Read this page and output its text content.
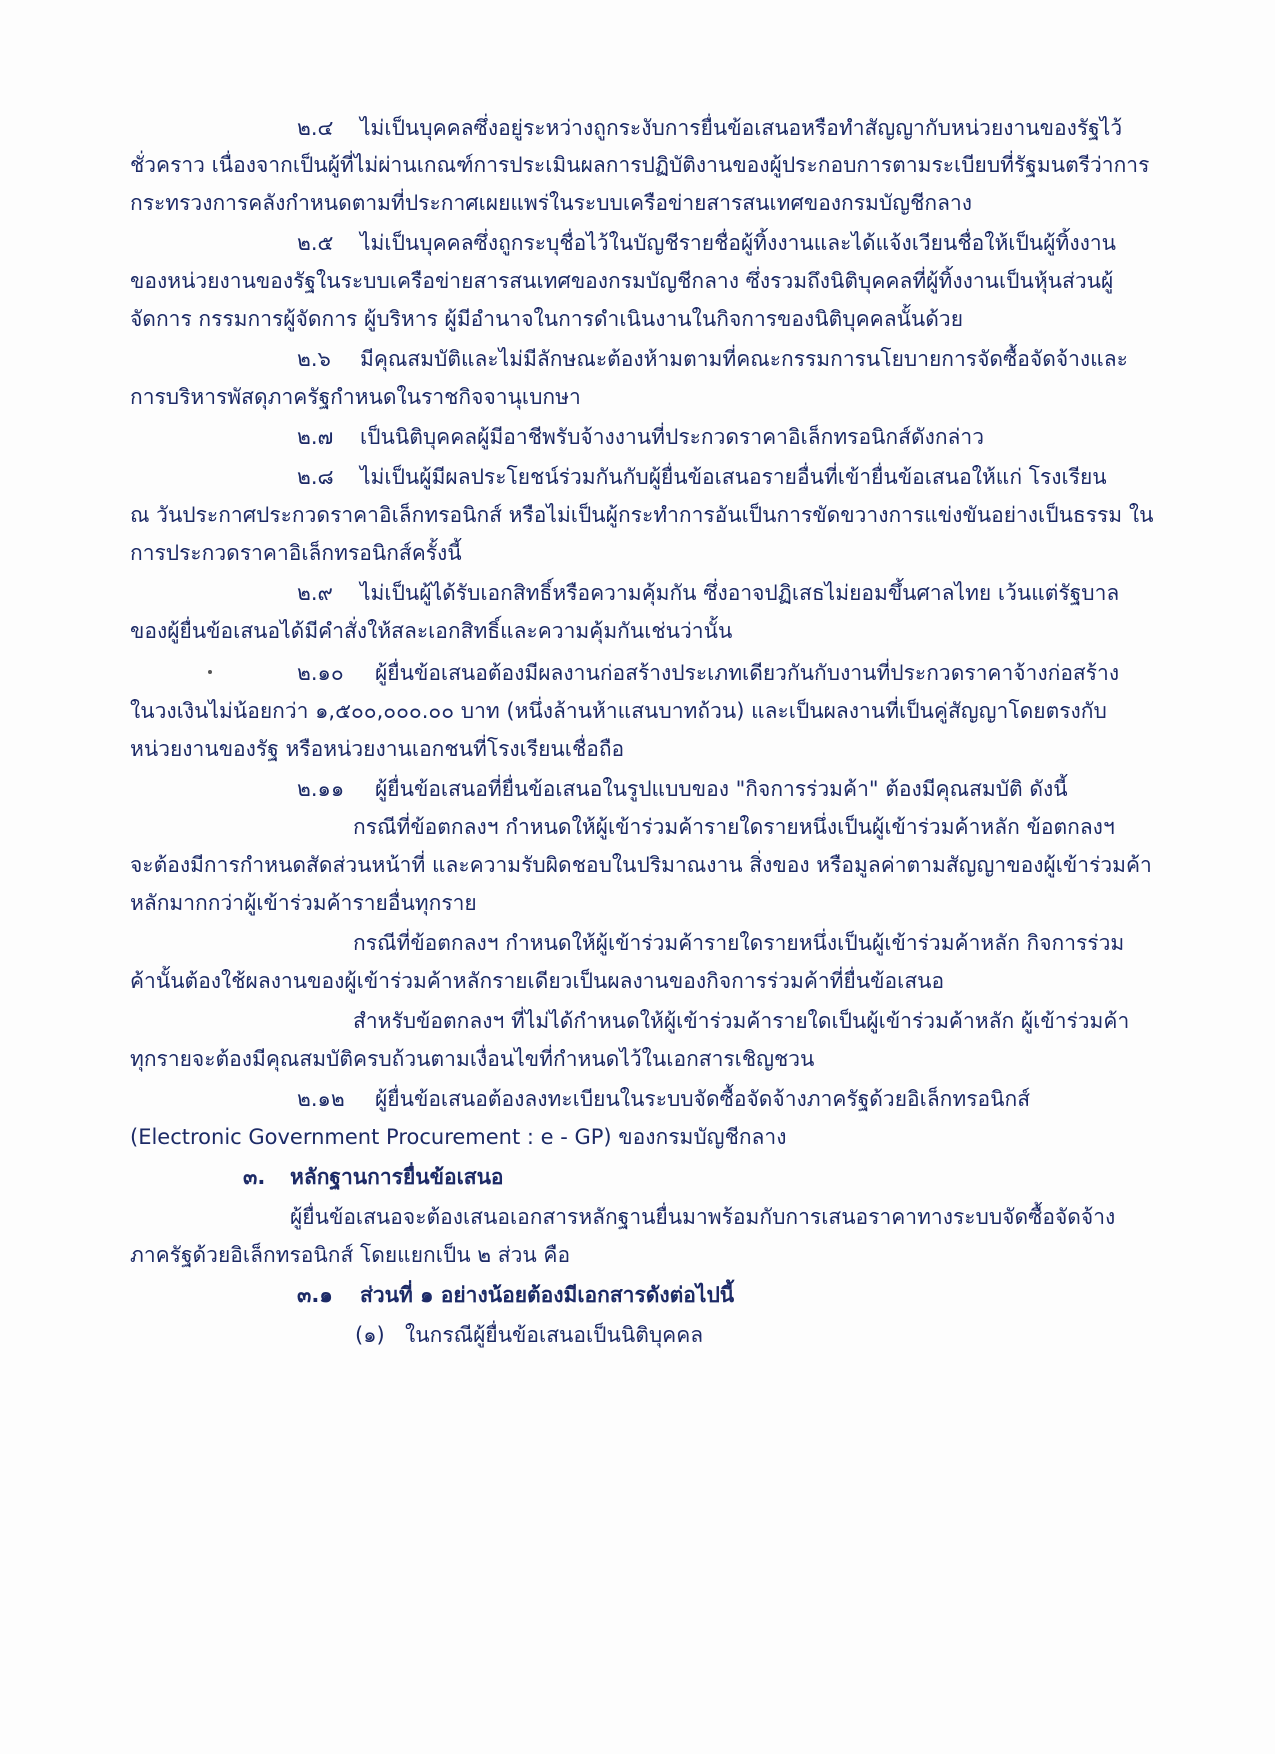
๒.๔ ไม่เป็นบุคคลซึ่งอยู่ระหว่างถูกระงับการยื่นข้อเสนอหรือทำสัญญากับหน่วยงานของรัฐไว้
ชั่วคราว เนื่องจากเป็นผู้ที่ไม่ผ่านเกณฑ์การประเมินผลการปฏิบัติงานของผู้ประกอบการตามระเบียบที่รัฐมนตรีว่าการ
กระทรวงการคลังกำหนดตามที่ประกาศเผยแพร่ในระบบเครือข่ายสารสนเทศของกรมบัญชีกลาง
๒.๕ ไม่เป็นบุคคลซึ่งถูกระบุชื่อไว้ในบัญชีรายชื่อผู้ทิ้งงานและได้แจ้งเวียนชื่อให้เป็นผู้ทิ้งงาน
ของหน่วยงานของรัฐในระบบเครือข่ายสารสนเทศของกรมบัญชีกลาง ซึ่งรวมถึงนิติบุคคลที่ผู้ทิ้งงานเป็นหุ้นส่วนผู้
จัดการ กรรมการผู้จัดการ ผู้บริหาร ผู้มีอำนาจในการดำเนินงานในกิจการของนิติบุคคลนั้นด้วย
๒.๖ มีคุณสมบัติและไม่มีลักษณะต้องห้ามตามที่คณะกรรมการนโยบายการจัดซื้อจัดจ้างและ
การบริหารพัสดุภาครัฐกำหนดในราชกิจจานุเบกษา
๒.๗ เป็นนิติบุคคลผู้มีอาชีพรับจ้างงานที่ประกวดราคาอิเล็กทรอนิกส์ดังกล่าว
๒.๘ ไม่เป็นผู้มีผลประโยชน์ร่วมกันกับผู้ยื่นข้อเสนอรายอื่นที่เข้ายื่นข้อเสนอให้แก่ โรงเรียน
ณ วันประกาศประกวดราคาอิเล็กทรอนิกส์ หรือไม่เป็นผู้กระทำการอันเป็นการขัดขวางการแข่งขันอย่างเป็นธรรม ใน
การประกวดราคาอิเล็กทรอนิกส์ครั้งนี้
๒.๙ ไม่เป็นผู้ได้รับเอกสิทธิ์หรือความคุ้มกัน ซึ่งอาจปฏิเสธไม่ยอมขึ้นศาลไทย เว้นแต่รัฐบาล
ของผู้ยื่นข้อเสนอได้มีคำสั่งให้สละเอกสิทธิ์และความคุ้มกันเช่นว่านั้น
๒.๑๐ ผู้ยื่นข้อเสนอต้องมีผลงานก่อสร้างประเภทเดียวกันกับงานที่ประกวดราคาจ้างก่อสร้าง
ในวงเงินไม่น้อยกว่า ๑,๕๐๐,๐๐๐.๐๐ บาท (หนึ่งล้านห้าแสนบาทถ้วน) และเป็นผลงานที่เป็นคู่สัญญาโดยตรงกับ
หน่วยงานของรัฐ หรือหน่วยงานเอกชนที่โรงเรียนเชื่อถือ
๒.๑๑ ผู้ยื่นข้อเสนอที่ยื่นข้อเสนอในรูปแบบของ "กิจการร่วมค้า" ต้องมีคุณสมบัติ ดังนี้
กรณีที่ข้อตกลงฯ กำหนดให้ผู้เข้าร่วมค้ารายใดรายหนึ่งเป็นผู้เข้าร่วมค้าหลัก ข้อตกลงฯ
จะต้องมีการกำหนดสัดส่วนหน้าที่ และความรับผิดชอบในปริมาณงาน สิ่งของ หรือมูลค่าตามสัญญาของผู้เข้าร่วมค้า
หลักมากกว่าผู้เข้าร่วมค้ารายอื่นทุกราย
กรณีที่ข้อตกลงฯ กำหนดให้ผู้เข้าร่วมค้ารายใดรายหนึ่งเป็นผู้เข้าร่วมค้าหลัก กิจการร่วม
ค้านั้นต้องใช้ผลงานของผู้เข้าร่วมค้าหลักรายเดียวเป็นผลงานของกิจการร่วมค้าที่ยื่นข้อเสนอ
สำหรับข้อตกลงฯ ที่ไม่ได้กำหนดให้ผู้เข้าร่วมค้ารายใดเป็นผู้เข้าร่วมค้าหลัก ผู้เข้าร่วมค้า
ทุกรายจะต้องมีคุณสมบัติครบถ้วนตามเงื่อนไขที่กำหนดไว้ในเอกสารเชิญชวน
๒.๑๒ ผู้ยื่นข้อเสนอต้องลงทะเบียนในระบบจัดซื้อจัดจ้างภาครัฐด้วยอิเล็กทรอนิกส์
(Electronic Government Procurement : e - GP) ของกรมบัญชีกลาง
๓. หลักฐานการยื่นข้อเสนอ
ผู้ยื่นข้อเสนอจะต้องเสนอเอกสารหลักฐานยื่นมาพร้อมกับการเสนอราคาทางระบบจัดซื้อจัดจ้าง
ภาครัฐด้วยอิเล็กทรอนิกส์ โดยแยกเป็น ๒ ส่วน คือ
๓.๑ ส่วนที่ ๑ อย่างน้อยต้องมีเอกสารดังต่อไปนี้
(๑) ในกรณีผู้ยื่นข้อเสนอเป็นนิติบุคคล
